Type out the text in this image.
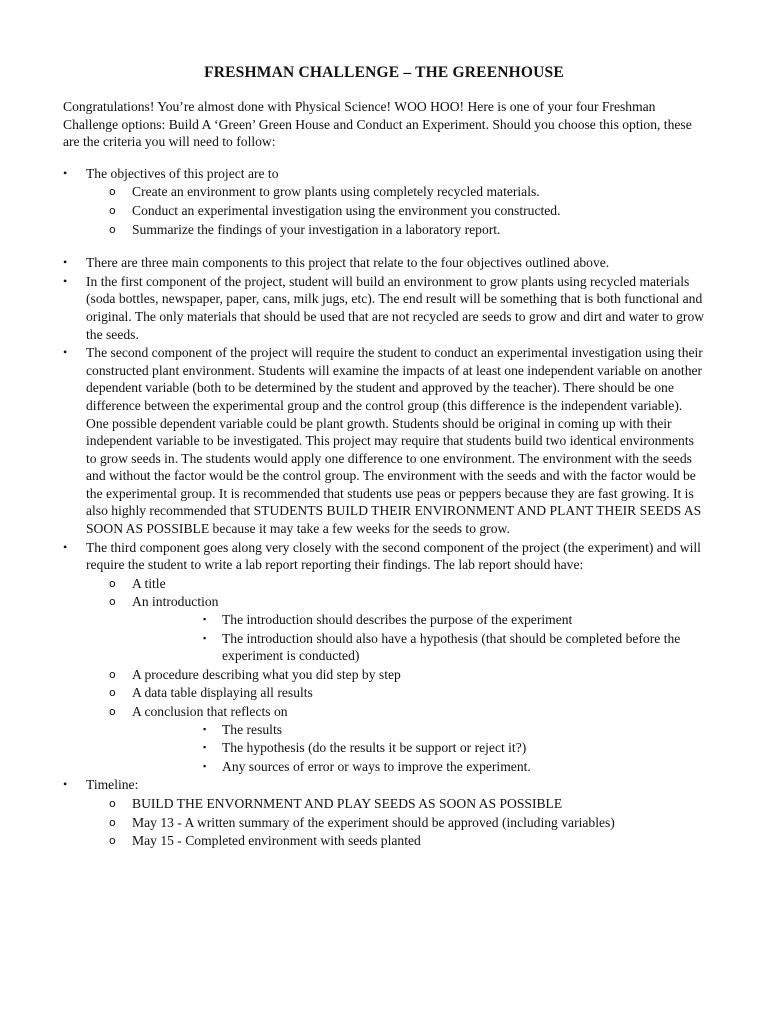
FRESHMAN CHALLENGE – THE GREENHOUSE

Congratulations! You’re almost done with Physical Science! WOO HOO! Here is one of your four Freshman Challenge options: Build A ‘Green’ Green House and Conduct an Experiment. Should you choose this option, these are the criteria you will need to follow:

• The objectives of this project are to
o Create an environment to grow plants using completely recycled materials.
o Conduct an experimental investigation using the environment you constructed.
o Summarize the findings of your investigation in a laboratory report.
• There are three main components to this project that relate to the four objectives outlined above.
• In the first component of the project, student will build an environment to grow plants using recycled materials (soda bottles, newspaper, paper, cans, milk jugs, etc). The end result will be something that is both functional and original. The only materials that should be used that are not recycled are seeds to grow and dirt and water to grow the seeds.
• The second component of the project will require the student to conduct an experimental investigation using their constructed plant environment. Students will examine the impacts of at least one independent variable on another dependent variable (both to be determined by the student and approved by the teacher). There should be one difference between the experimental group and the control group (this difference is the independent variable). One possible dependent variable could be plant growth. Students should be original in coming up with their independent variable to be investigated. This project may require that students build two identical environments to grow seeds in. The students would apply one difference to one environment. The environment with the seeds and without the factor would be the control group. The environment with the seeds and with the factor would be the experimental group. It is recommended that students use peas or peppers because they are fast growing. It is also highly recommended that STUDENTS BUILD THEIR ENVIRONMENT AND PLANT THEIR SEEDS AS SOON AS POSSIBLE because it may take a few weeks for the seeds to grow.
• The third component goes along very closely with the second component of the project (the experiment) and will require the student to write a lab report reporting their findings. The lab report should have:
o A title
o An introduction
▪ The introduction should describes the purpose of the experiment
▪ The introduction should also have a hypothesis (that should be completed before the experiment is conducted)
o A procedure describing what you did step by step
o A data table displaying all results
o A conclusion that reflects on
▪ The results
▪ The hypothesis (do the results it be support or reject it?)
▪ Any sources of error or ways to improve the experiment.
• Timeline:
o BUILD THE ENVORNMENT AND PLAY SEEDS AS SOON AS POSSIBLE
o May 13 - A written summary of the experiment should be approved (including variables)
o May 15 - Completed environment with seeds planted
